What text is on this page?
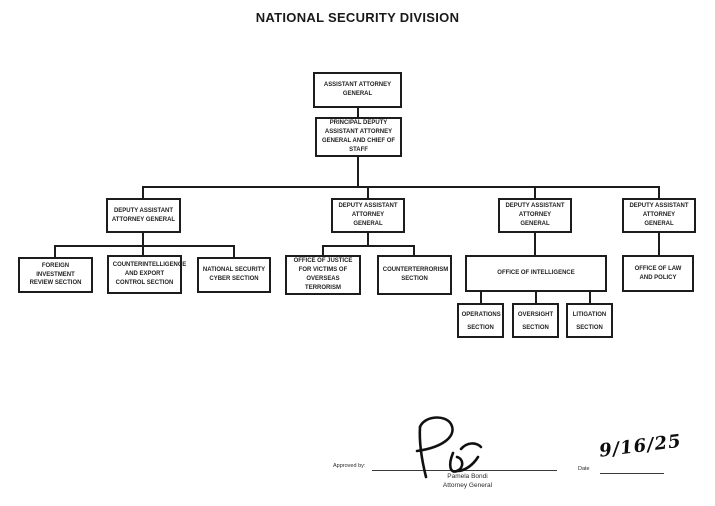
NATIONAL SECURITY DIVISION
ASSISTANT ATTORNEY GENERAL
PRINCIPAL DEPUTY ASSISTANT ATTORNEY GENERAL AND CHIEF OF STAFF
DEPUTY ASSISTANT ATTORNEY GENERAL
DEPUTY ASSISTANT ATTORNEY GENERAL
DEPUTY ASSISTANT ATTORNEY GENERAL
DEPUTY ASSISTANT ATTORNEY GENERAL
FOREIGN INVESTMENT REVIEW SECTION
COUNTERINTELLIGENCE AND EXPORT CONTROL SECTION
NATIONAL SECURITY CYBER SECTION
OFFICE OF JUSTICE FOR VICTIMS OF OVERSEAS TERRORISM
COUNTERTERRORISM SECTION
OFFICE OF INTELLIGENCE
OFFICE OF LAW AND POLICY
OPERATIONS SECTION
OVERSIGHT SECTION
LITIGATION SECTION
Approved by:
Pamela Bondi
Attorney General
Date
9/16/25
